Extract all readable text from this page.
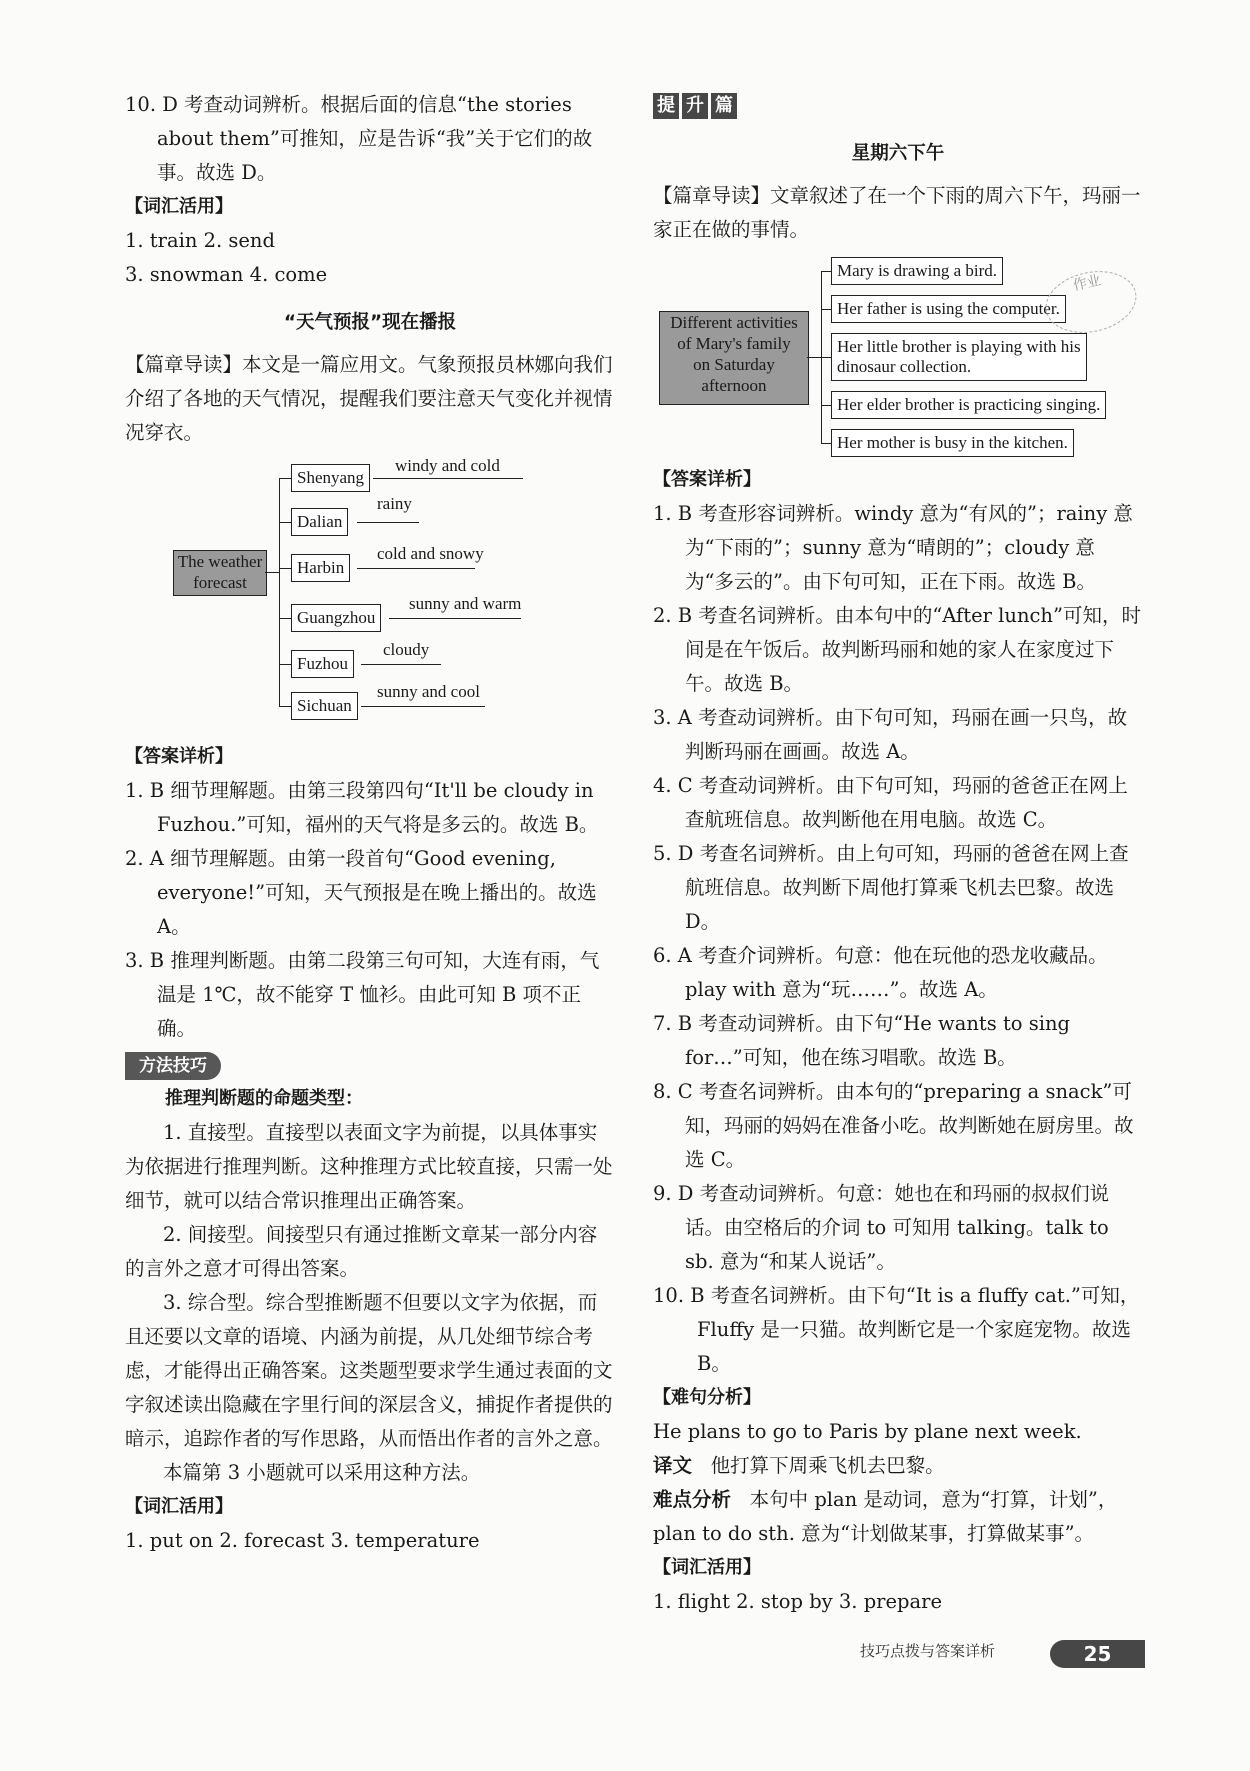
10. D 考查动词辨析。根据后面的信息“the stories

about them”可推知，应是告诉“我”关于它们的故事。故选 D。

【词汇活用】

1. train 2. send

3. snowman 4. come

“天气预报”现在播报

【篇章导读】本文是一篇应用文。气象预报员林娜向我们介绍了各地的天气情况，提醒我们要注意天气变化并视情况穿衣。

The weather
forecast
Shenyang
windy and cold
Dalian
rainy
Harbin
cold and snowy
Guangzhou
sunny and warm
Fuzhou
cloudy
Sichuan
sunny and cool

【答案详析】

1. B 细节理解题。由第三段第四句“It'll be cloudy in Fuzhou.”可知，福州的天气将是多云的。故选 B。

2. A 细节理解题。由第一段首句“Good evening, everyone!”可知，天气预报是在晚上播出的。故选 A。

3. B 推理判断题。由第二段第三句可知，大连有雨，气温是 1℃，故不能穿 T 恤衫。由此可知 B 项不正确。

方法技巧

推理判断题的命题类型：

1. 直接型。直接型以表面文字为前提，以具体事实为依据进行推理判断。这种推理方式比较直接，只需一处细节，就可以结合常识推理出正确答案。

2. 间接型。间接型只有通过推断文章某一部分内容的言外之意才可得出答案。

3. 综合型。综合型推断题不但要以文字为依据，而且还要以文章的语境、内涵为前提，从几处细节综合考虑，才能得出正确答案。这类题型要求学生通过表面的文字叙述读出隐藏在字里行间的深层含义，捕捉作者提供的暗示，追踪作者的写作思路，从而悟出作者的言外之意。

本篇第 3 小题就可以采用这种方法。

【词汇活用】

1. put on 2. forecast 3. temperature

提 升 篇

星期六下午

【篇章导读】文章叙述了在一个下雨的周六下午，玛丽一家正在做的事情。

Different activities
of Mary's family
on Saturday
afternoon
Mary is drawing a bird.
Her father is using the computer.
Her little brother is playing with his
dinosaur collection.
Her elder brother is practicing singing.
Her mother is busy in the kitchen.

【答案详析】

1. B 考查形容词辨析。windy 意为“有风的”；rainy 意为“下雨的”；sunny 意为“晴朗的”；cloudy 意为“多云的”。由下句可知，正在下雨。故选 B。

2. B 考查名词辨析。由本句中的“After lunch”可知，时间是在午饭后。故判断玛丽和她的家人在家度过下午。故选 B。

3. A 考查动词辨析。由下句可知，玛丽在画一只鸟，故判断玛丽在画画。故选 A。

4. C 考查动词辨析。由下句可知，玛丽的爸爸正在网上查航班信息。故判断他在用电脑。故选 C。

5. D 考查名词辨析。由上句可知，玛丽的爸爸在网上查航班信息。故判断下周他打算乘飞机去巴黎。故选 D。

6. A 考查介词辨析。句意：他在玩他的恐龙收藏品。play with 意为“玩……”。故选 A。

7. B 考查动词辨析。由下句“He wants to sing for…”可知，他在练习唱歌。故选 B。

8. C 考查名词辨析。由本句的“preparing a snack”可知，玛丽的妈妈在准备小吃。故判断她在厨房里。故选 C。

9. D 考查动词辨析。句意：她也在和玛丽的叔叔们说话。由空格后的介词 to 可知用 talking。talk to sb. 意为“和某人说话”。

10. B 考查名词辨析。由下句“It is a fluffy cat.”可知，Fluffy 是一只猫。故判断它是一个家庭宠物。故选 B。

【难句分析】

He plans to go to Paris by plane next week.

译文 他打算下周乘飞机去巴黎。

难点分析 本句中 plan 是动词，意为“打算，计划”，plan to do sth. 意为“计划做某事，打算做某事”。

【词汇活用】

1. flight 2. stop by 3. prepare

作业
技巧点拨与答案详析	25
